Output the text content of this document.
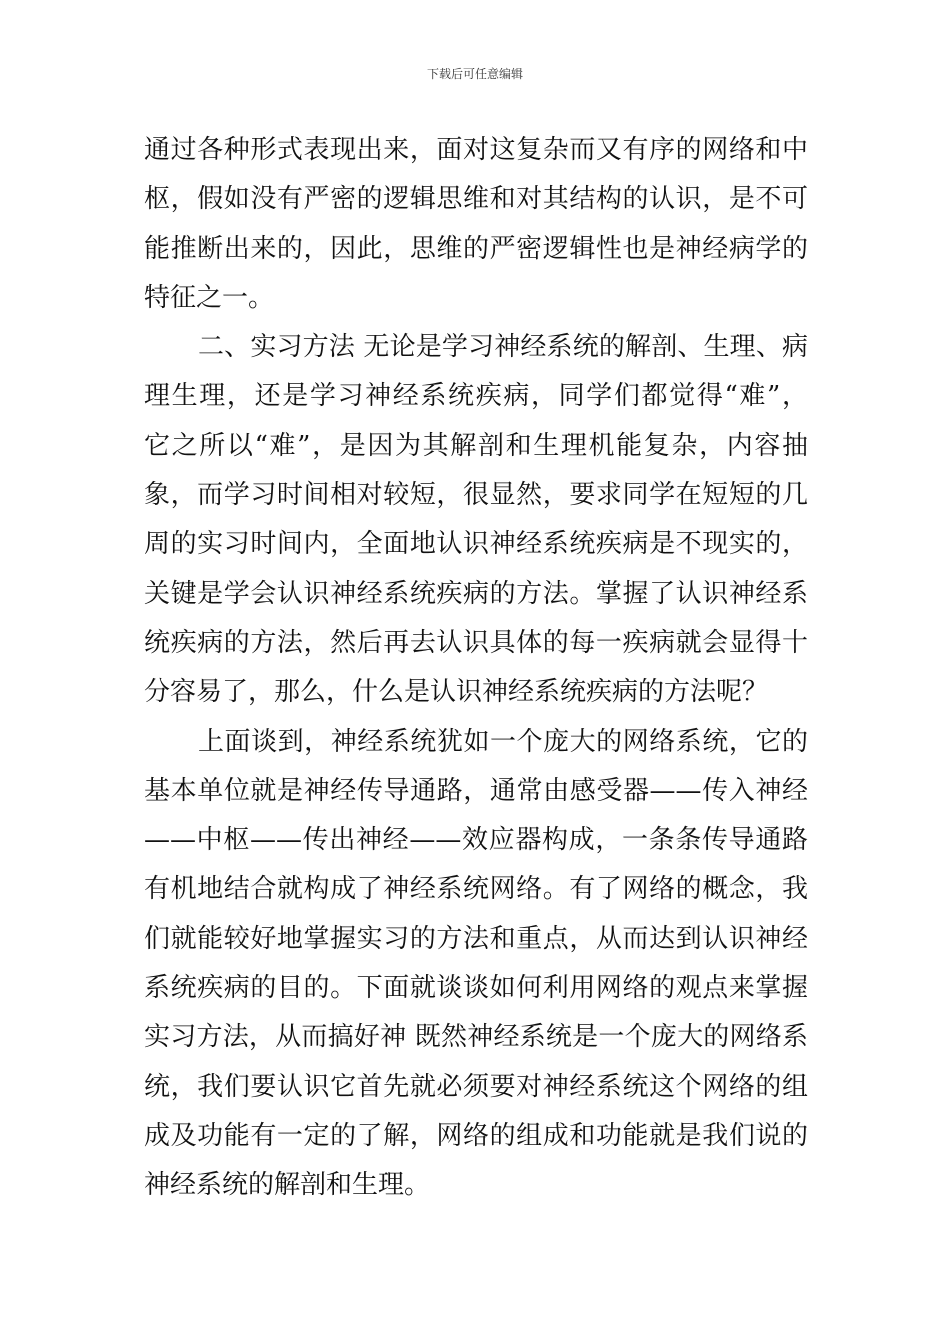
下载后可任意编辑
通过各种形式表现出来，面对这复杂而又有序的网络和中
枢，假如没有严密的逻辑思维和对其结构的认识，是不可
能推断出来的，因此，思维的严密逻辑性也是神经病学的
特征之一。
二、实习方法 无论是学习神经系统的解剖、生理、病
理生理，还是学习神经系统疾病，同学们都觉得“难”，
它之所以“难”，是因为其解剖和生理机能复杂，内容抽
象，而学习时间相对较短，很显然，要求同学在短短的几
周的实习时间内，全面地认识神经系统疾病是不现实的，
关键是学会认识神经系统疾病的方法。掌握了认识神经系
统疾病的方法，然后再去认识具体的每一疾病就会显得十
分容易了，那么，什么是认识神经系统疾病的方法呢？
上面谈到，神经系统犹如一个庞大的网络系统，它的
基本单位就是神经传导通路，通常由感受器——传入神经
——中枢——传出神经——效应器构成，一条条传导通路
有机地结合就构成了神经系统网络。有了网络的概念，我
们就能较好地掌握实习的方法和重点，从而达到认识神经
系统疾病的目的。下面就谈谈如何利用网络的观点来掌握
实习方法，从而搞好神 既然神经系统是一个庞大的网络系
统，我们要认识它首先就必须要对神经系统这个网络的组
成及功能有一定的了解，网络的组成和功能就是我们说的
神经系统的解剖和生理。
